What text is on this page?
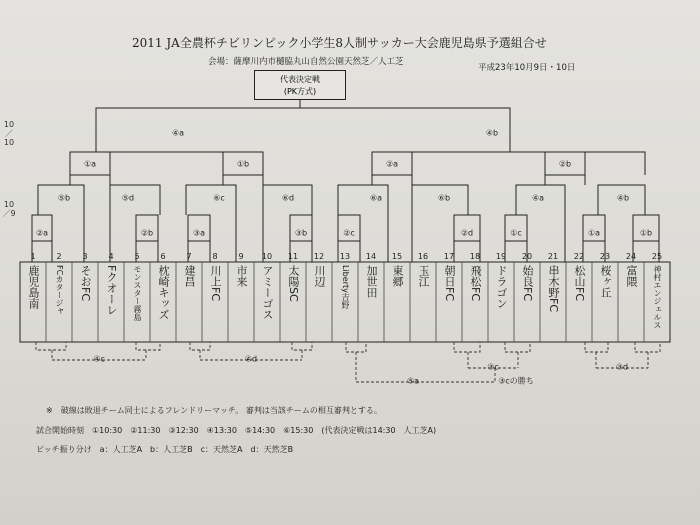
2011 JA全農杯チビリンピック小学生8人制サッカー大会鹿児島県予選組合せ
会場：薩摩川内市樋脇丸山自然公園天然芝／人工芝
平成23年10月9日・10日
代表決定戦
(PK方式)
10／10
10／9
④a	④b
①a	①b	②a	②b
⑤b	⑤d	⑥c	⑥d	⑥a	⑥b	④a	④b
②a	②b	③a	③b	②c	②d	①c	①a	①b
④c	④d
③c
⑤a	③cの勝ち
③d
1
鹿児島南
2
FCカタージャ
3
そおFC
4
Fクオーレ
5
モンスター霧島
6
枕崎キッズ
7
建昌
8
川上FC
9
市来
10
アミーゴス
11
太陽SC
12
川辺
13
Liberty吉野
14
加世田
15
東郷
16
玉江
17
朝日FC
18
飛松FC
19
ドラゴン
20
始良FC
21
串木野FC
22
松山FC
23
桜ヶ丘
24
富隈
25
神村エンジェルス
※　破線は敗退チーム同士によるフレンドリーマッチ。 審判は当該チームの相互審判とする。
試合開始時刻　①10:30　②11:30　③12:30　④13:30　⑤14:30　⑥15:30　(代表決定戦は14:30　人工芝A)
ピッチ振り分け　a：人工芝A　b：人工芝B　c：天然芝A　d：天然芝B
